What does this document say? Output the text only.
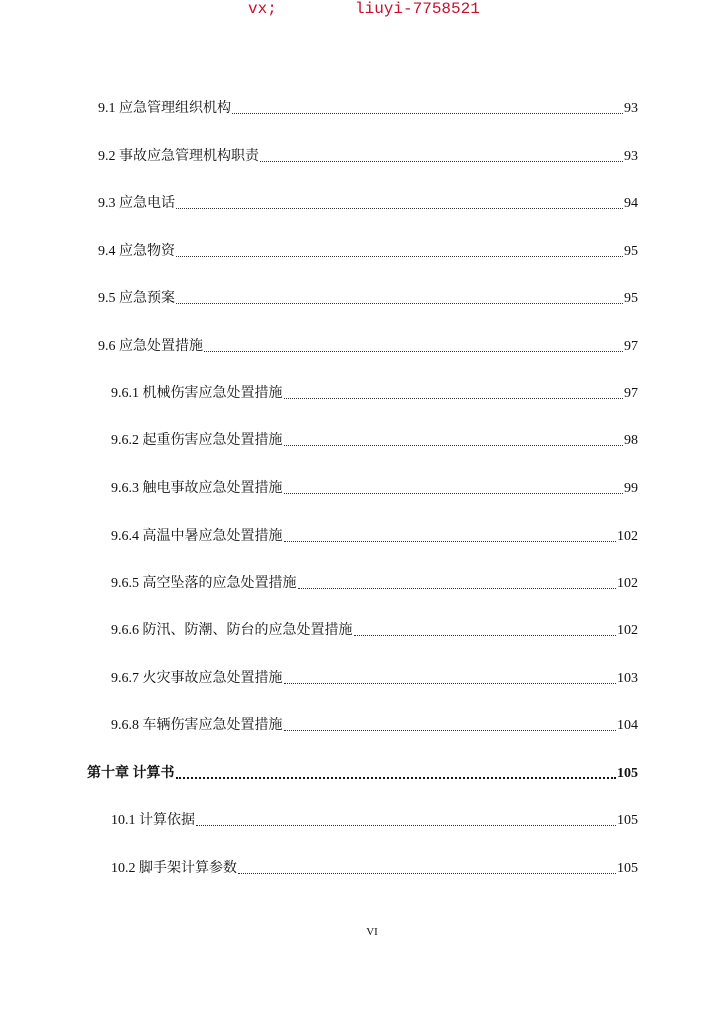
vx;

	liuyi-7758521

9.1 应急管理组织机构	93
9.2 事故应急管理机构职责	93
9.3 应急电话	94
9.4 应急物资	95
9.5 应急预案	95
9.6 应急处置措施	97
9.6.1 机械伤害应急处置措施	97
9.6.2 起重伤害应急处置措施	98
9.6.3 触电事故应急处置措施	99
9.6.4 高温中暑应急处置措施	102
9.6.5 高空坠落的应急处置措施	102
9.6.6 防汛、防潮、防台的应急处置措施	102
9.6.7 火灾事故应急处置措施	103
9.6.8 车辆伤害应急处置措施	104
第十章 计算书	105
10.1 计算依据	105
10.2 脚手架计算参数	105
VI
